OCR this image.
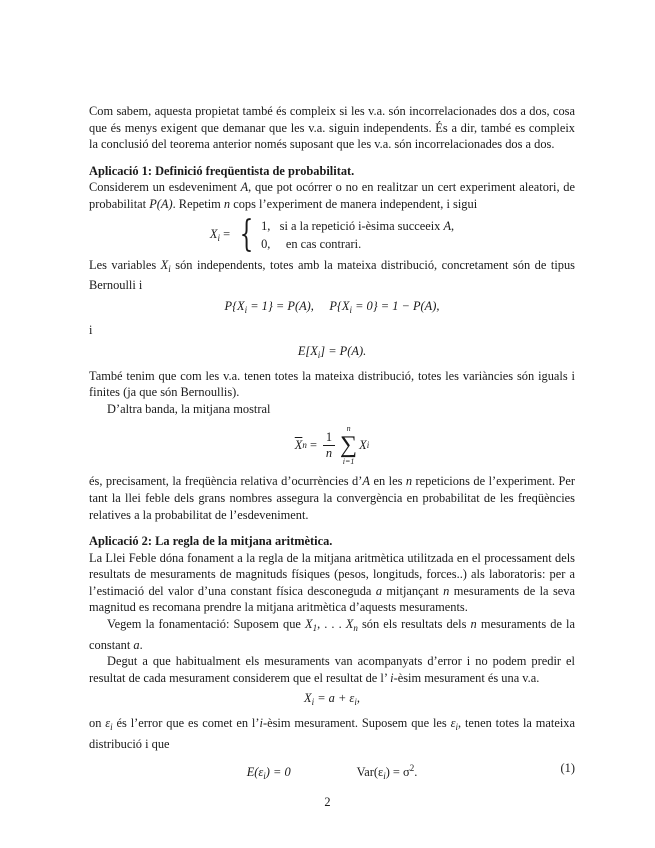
Com sabem, aquesta propietat també és compleix si les v.a. són incorrelacionades dos a dos, cosa que és menys exigent que demanar que les v.a. siguin independents. És a dir, també es compleix la conclusió del teorema anterior només suposant que les v.a. són incorrelacionades dos a dos.

Aplicació 1: Definició freqüentista de probabilitat.

Considerem un esdeveniment A, que pot ocórrer o no en realitzar un cert experiment aleatori, de probabilitat P(A). Repetim n cops l’experiment de manera independent, i sigui

$X_i$ = { 1, si a la repetició i-èsima succeeix A,
0, en cas contrari.

Les variables $X_i$ són independents, totes amb la mateixa distribució, concretament són de tipus Bernoulli i

$P\{X_i = 1\} = P(A)$,     $P\{X_i = 0\} = 1 - P(A)$,

i

$E[X_i] = P(A)$.

També tenim que com les v.a. tenen totes la mateixa distribució, totes les variàncies són iguals i finites (ja que són Bernoullis).

D’altra banda, la mitjana mostral

$\overline{X}$ $n = \frac{1}{n}$
n
∑
i=1
X i

és, precisament, la freqüència relativa d’ocurrències d’A en les n repeticions de l’experiment. Per tant la llei feble dels grans nombres assegura la convergència en probabilitat de les freqüències relatives a la probabilitat de l’esdeveniment.

Aplicació 2: La regla de la mitjana aritmètica.

La Llei Feble dóna fonament a la regla de la mitjana aritmètica utilitzada en el processament dels resultats de mesuraments de magnituds físiques (pesos, longituds, forces..) als laboratoris: per a l’estimació del valor d’una constant física desconeguda a mitjançant n mesuraments de la seva magnitud es recomana prendre la mitjana aritmètica d’aquests mesuraments.

Vegem la fonamentació: Suposem que $X_1$, . . . $X_n$ són els resultats dels n mesuraments de la constant a.

Degut a que habitualment els mesuraments van acompanyats d’error i no podem predir el resultat de cada mesurament considerem que el resultat de l’ i-èsim mesurament és una v.a.

$X_i = a + \varepsilon_i$,

on $\varepsilon_i$ és l’error que es comet en l’i-èsim mesurament. Suposem que les $\varepsilon_i$, tenen totes la mateixa distribució i que

$E(\varepsilon_i) = 0$	$Var(\varepsilon_i) = \sigma^2$.	(1)
2
